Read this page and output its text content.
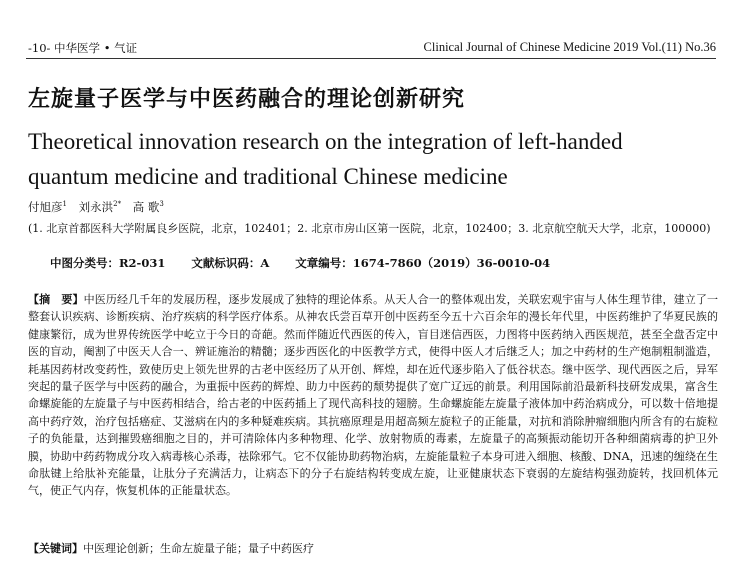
-10- 中华医学 • 气证	Clinical Journal of Chinese Medicine 2019 Vol.(11) No.36
左旋量子医学与中医药融合的理论创新研究
Theoretical innovation research on the integration of left-handed quantum medicine and traditional Chinese medicine
付旭彦$^1$ 刘永洪$^{2*}$ 高 歌$^3$
(1. 北京首都医科大学附属良乡医院，北京，102401；2. 北京市房山区第一医院，北京，102400；3. 北京航空航天大学，北京，100000)
中图分类号：R2-031 文献标识码：A 文章编号：1674-7860（2019）36-0010-04
【摘　要】中医历经几千年的发展历程，逐步发展成了独特的理论体系。从天人合一的整体观出发，关联宏观宇宙与人体生理节律，建立了一整套认识疾病、诊断疾病、治疗疾病的科学医疗体系。从神农氏尝百草开创中医药至今五十六百余年的漫长年代里，中医药维护了华夏民族的健康繁衍，成为世界传统医学中屹立于今日的奇葩。然而伴随近代西医的传入，盲目迷信西医，力图将中医药纳入西医规范，甚至全盘否定中医的盲动，阉割了中医天人合一、辨证施治的精髓；逐步西医化的中医教学方式，使得中医人才后继乏人；加之中药材的生产炮制粗制滥造，耗基因药材改变药性，致使历史上领先世界的古老中医经历了从开创、辉煌，却在近代逐步陷入了低谷状态。继中医学、现代西医之后，异军突起的量子医学与中医药的融合，为重振中医药的辉煌、助力中医药的颓势提供了宽广辽远的前景。利用国际前沿最新科技研发成果，富含生命螺旋能的左旋量子与中医药相结合，给古老的中医药插上了现代高科技的翅膀。生命螺旋能左旋量子液体加中药治病成分，可以数十倍地提高中药疗效，治疗包括癌症、艾滋病在内的多种疑难疾病。其抗癌原理是用超高频左旋粒子的正能量，对抗和消除肿瘤细胞内所含有的右旋粒子的负能量，达到摧毁癌细胞之目的，并可清除体内多种物理、化学、放射物质的毒素，左旋量子的高频振动能切开各种细菌病毒的护卫外膜，协助中药药物成分攻入病毒核心杀毒，祛除邪气。它不仅能协助药物治病，左旋能量粒子本身可进入细胞、核酸、DNA，迅速的缠绕在生命肽键上给肽补充能量，让肽分子充满活力，让病态下的分子右旋结构转变成左旋，让亚健康状态下衰弱的左旋结构强劲旋转，找回机体元气，使正气内存，恢复机体的正能量状态。
【关键词】中医理论创新；生命左旋量子能；量子中药医疗
